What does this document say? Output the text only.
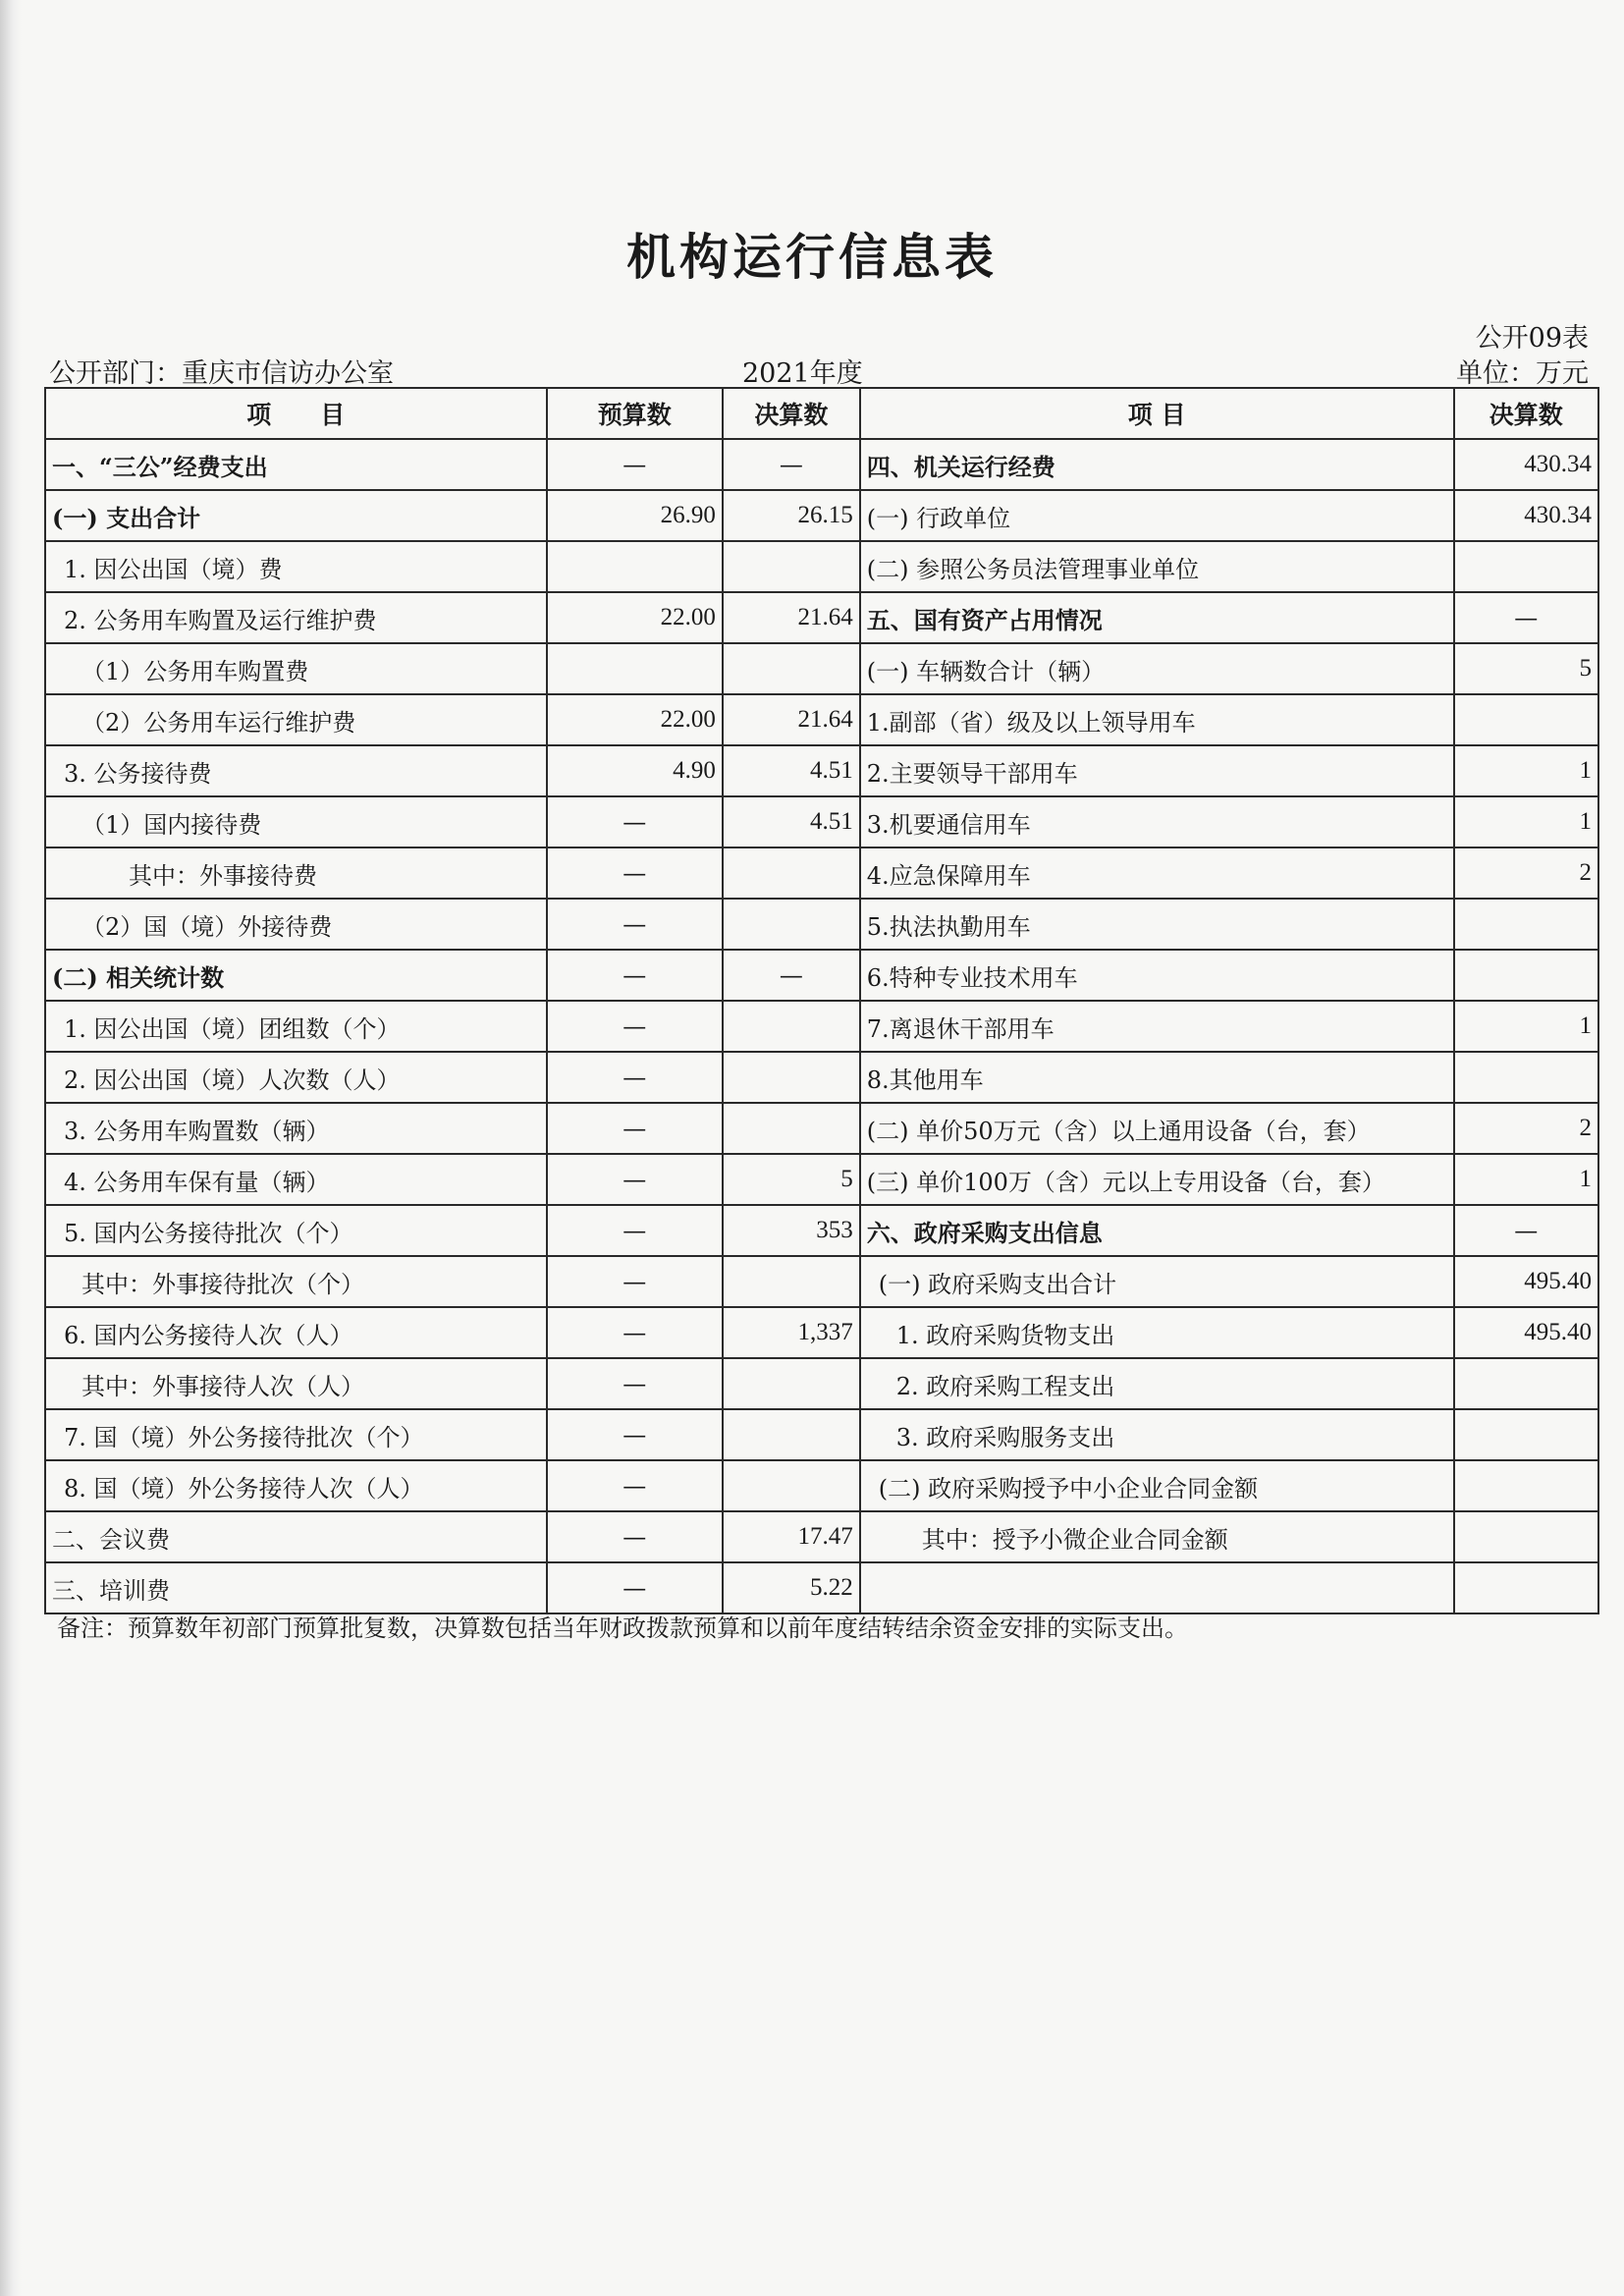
机构运行信息表
公开09表
公开部门：重庆市信访办公室	2021年度	单位：万元
项　　目	预算数	决算数	项 目	决算数
一、“三公”经费支出	—	—	四、机关运行经费	430.34
(一) 支出合计	26.90	26.15	(一) 行政单位	430.34
1. 因公出国（境）费			(二) 参照公务员法管理事业单位	
2. 公务用车购置及运行维护费	22.00	21.64	五、国有资产占用情况	—
（1）公务用车购置费			(一) 车辆数合计（辆）	5
（2）公务用车运行维护费	22.00	21.64	1.副部（省）级及以上领导用车	
3. 公务接待费	4.90	4.51	2.主要领导干部用车	1
（1）国内接待费	—	4.51	3.机要通信用车	1
其中：外事接待费	—		4.应急保障用车	2
（2）国（境）外接待费	—		5.执法执勤用车	
(二) 相关统计数	—	—	6.特种专业技术用车	
1. 因公出国（境）团组数（个）	—		7.离退休干部用车	1
2. 因公出国（境）人次数（人）	—		8.其他用车	
3. 公务用车购置数（辆）	—		(二) 单价50万元（含）以上通用设备（台，套）	2
4. 公务用车保有量（辆）	—	5	(三) 单价100万（含）元以上专用设备（台，套）	1
5. 国内公务接待批次（个）	—	353	六、政府采购支出信息	—
其中：外事接待批次（个）	—		(一) 政府采购支出合计	495.40
6. 国内公务接待人次（人）	—	1,337	1. 政府采购货物支出	495.40
其中：外事接待人次（人）	—		2. 政府采购工程支出	
7. 国（境）外公务接待批次（个）	—		3. 政府采购服务支出	
8. 国（境）外公务接待人次（人）	—		(二) 政府采购授予中小企业合同金额	
二、会议费	—	17.47	其中：授予小微企业合同金额	
三、培训费	—	5.22		
备注：预算数年初部门预算批复数，决算数包括当年财政拨款预算和以前年度结转结余资金安排的实际支出。
